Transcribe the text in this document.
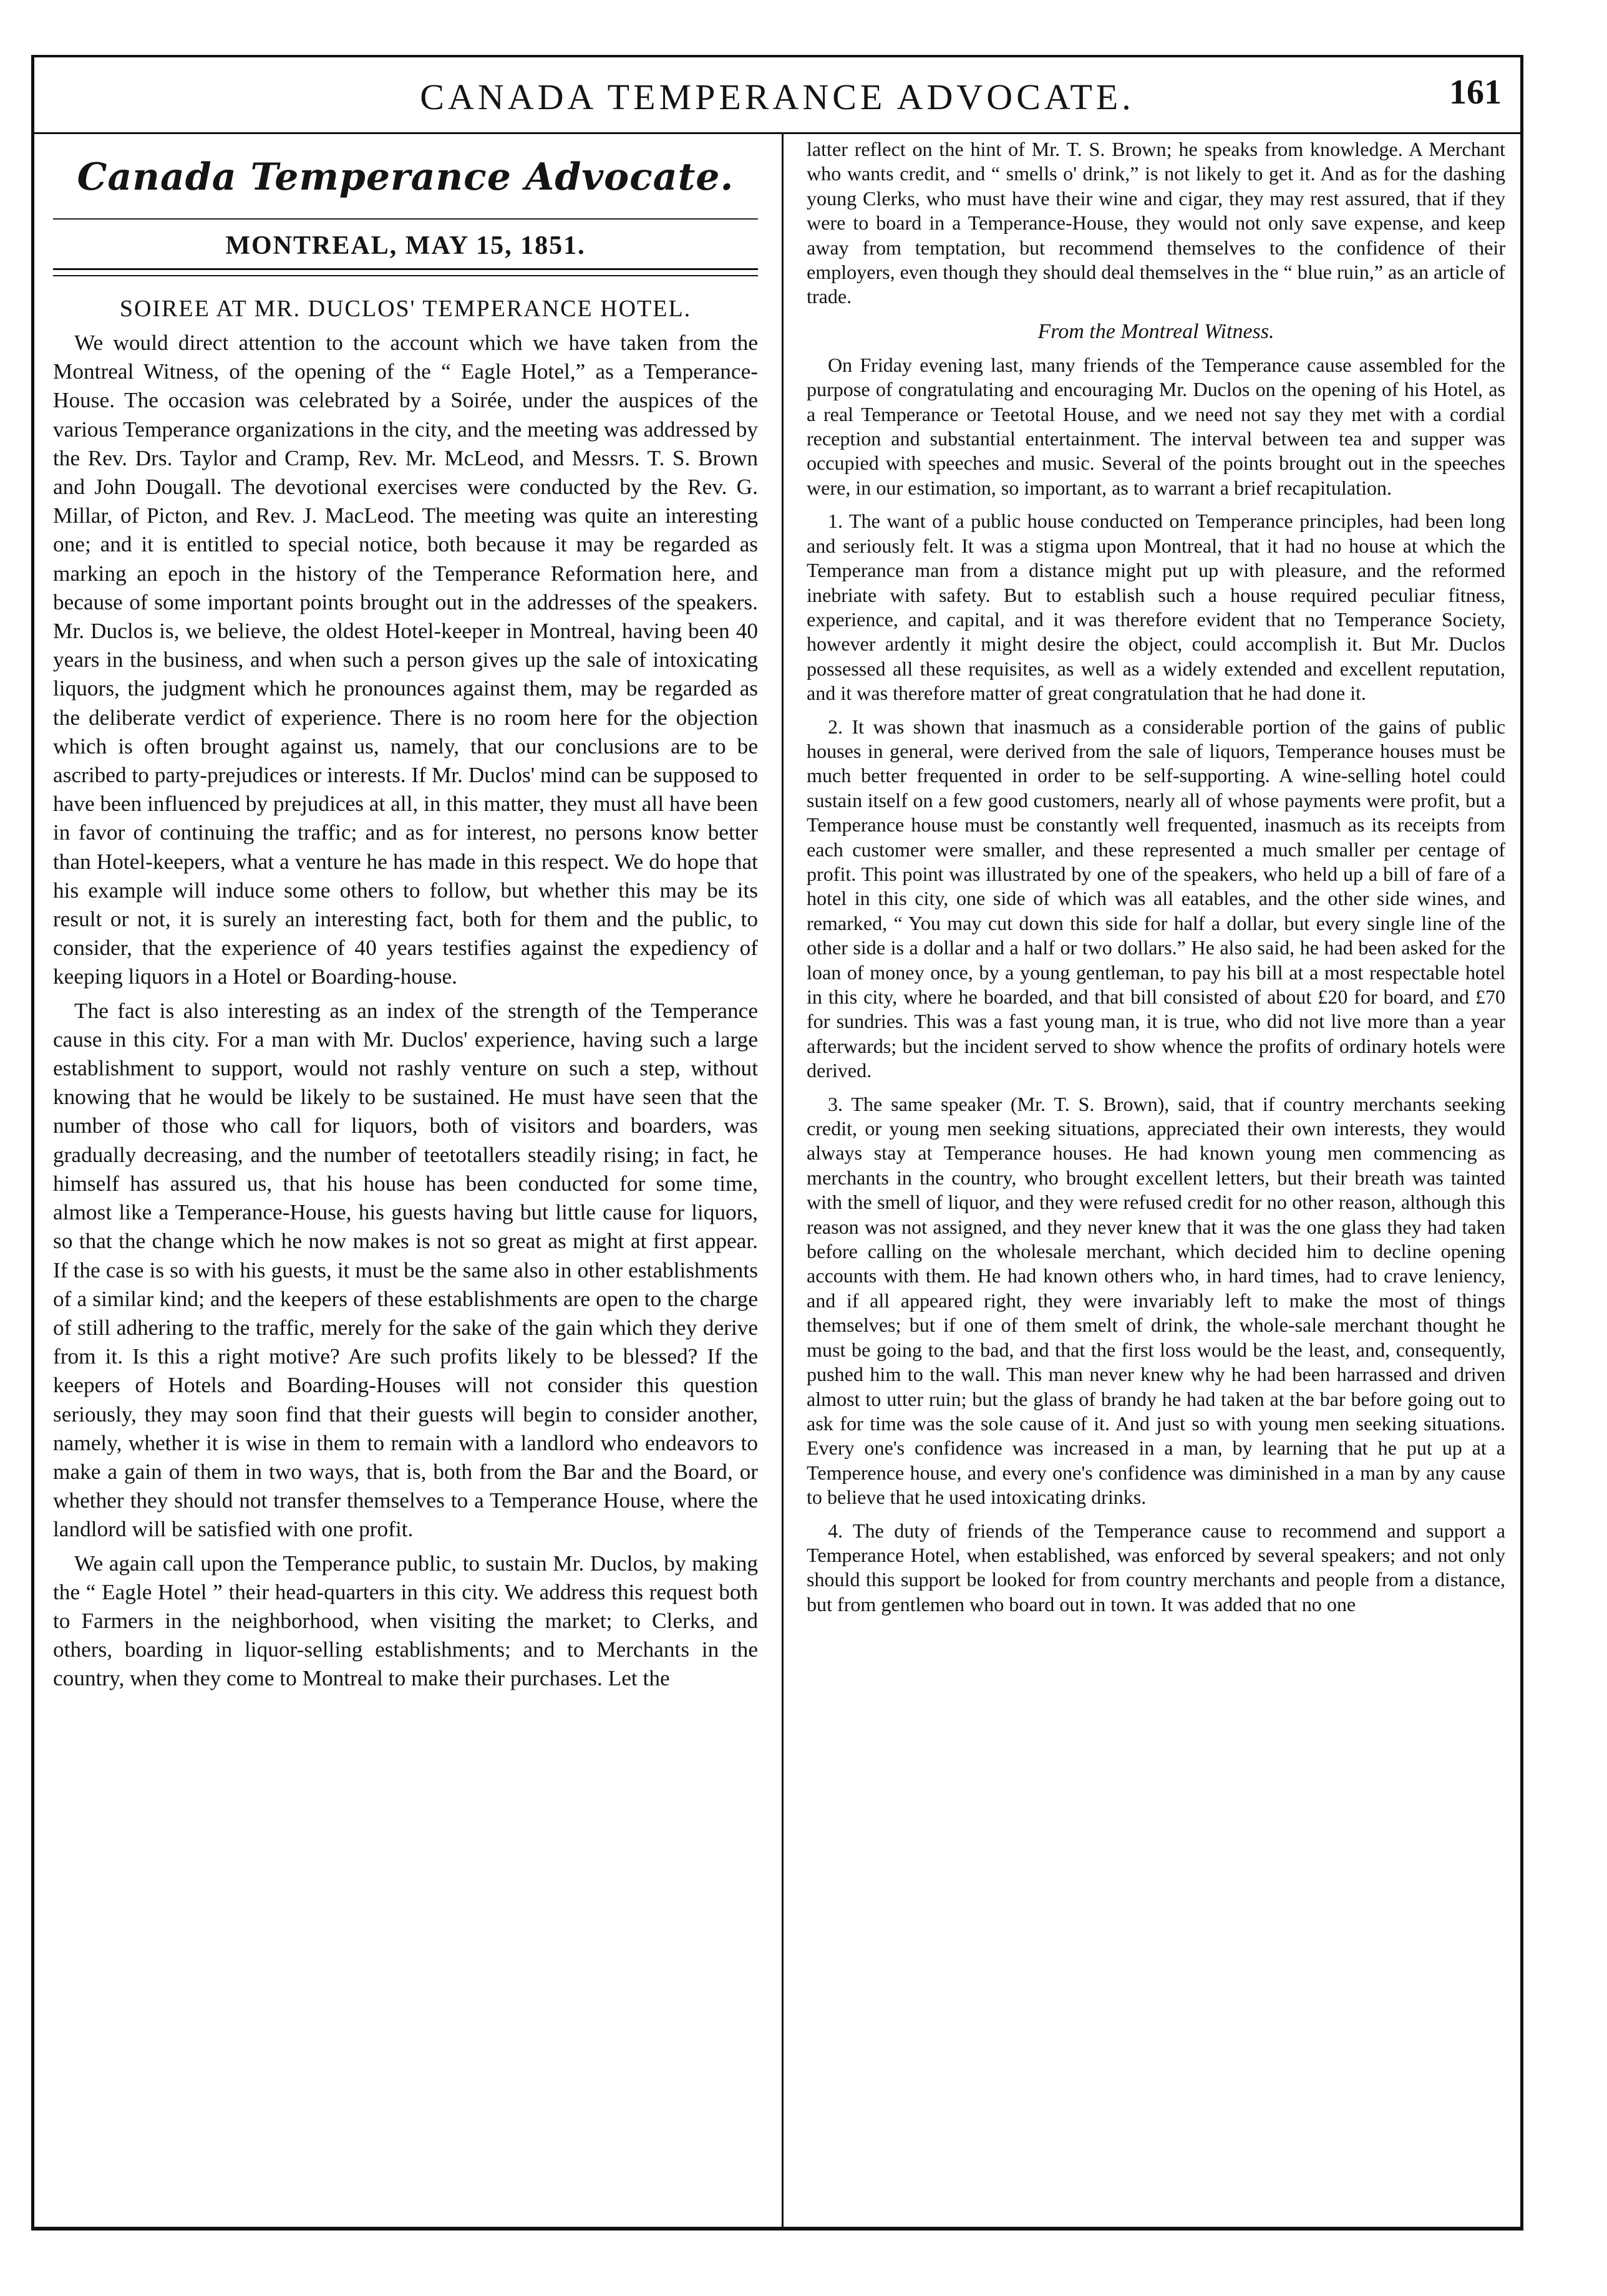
CANADA TEMPERANCE ADVOCATE.	161
Canada Temperance Advocate.
MONTREAL, MAY 15, 1851.

SOIREE AT MR. DUCLOS' TEMPERANCE HOTEL.

We would direct attention to the account which we have taken from the Montreal Witness, of the opening of the “ Eagle Hotel,” as a Temperance-House. The occasion was celebrated by a Soirée, under the auspices of the various Temperance organizations in the city, and the meeting was addressed by the Rev. Drs. Taylor and Cramp, Rev. Mr. McLeod, and Messrs. T. S. Brown and John Dougall. The devotional exercises were conducted by the Rev. G. Millar, of Picton, and Rev. J. MacLeod. The meeting was quite an interesting one; and it is entitled to special notice, both because it may be regarded as marking an epoch in the history of the Temperance Reformation here, and because of some important points brought out in the addresses of the speakers. Mr. Duclos is, we believe, the oldest Hotel-keeper in Montreal, having been 40 years in the business, and when such a person gives up the sale of intoxicating liquors, the judgment which he pronounces against them, may be regarded as the deliberate verdict of experience. There is no room here for the objection which is often brought against us, namely, that our conclusions are to be ascribed to party-prejudices or interests. If Mr. Duclos' mind can be supposed to have been influenced by prejudices at all, in this matter, they must all have been in favor of continuing the traffic; and as for interest, no persons know better than Hotel-keepers, what a venture he has made in this respect. We do hope that his example will induce some others to follow, but whether this may be its result or not, it is surely an interesting fact, both for them and the public, to consider, that the experience of 40 years testifies against the expediency of keeping liquors in a Hotel or Boarding-house.

The fact is also interesting as an index of the strength of the Temperance cause in this city. For a man with Mr. Duclos' experience, having such a large establishment to support, would not rashly venture on such a step, without knowing that he would be likely to be sustained. He must have seen that the number of those who call for liquors, both of visitors and boarders, was gradually decreasing, and the number of teetotallers steadily rising; in fact, he himself has assured us, that his house has been conducted for some time, almost like a Temperance-House, his guests having but little cause for liquors, so that the change which he now makes is not so great as might at first appear. If the case is so with his guests, it must be the same also in other establishments of a similar kind; and the keepers of these establishments are open to the charge of still adhering to the traffic, merely for the sake of the gain which they derive from it. Is this a right motive? Are such profits likely to be blessed? If the keepers of Hotels and Boarding-Houses will not consider this question seriously, they may soon find that their guests will begin to consider another, namely, whether it is wise in them to remain with a landlord who endeavors to make a gain of them in two ways, that is, both from the Bar and the Board, or whether they should not transfer themselves to a Temperance House, where the landlord will be satisfied with one profit.

We again call upon the Temperance public, to sustain Mr. Duclos, by making the “ Eagle Hotel ” their head-quarters in this city. We address this request both to Farmers in the neighborhood, when visiting the market; to Clerks, and others, boarding in liquor-selling establishments; and to Merchants in the country, when they come to Montreal to make their purchases. Let the

latter reflect on the hint of Mr. T. S. Brown; he speaks from knowledge. A Merchant who wants credit, and “ smells o' drink,” is not likely to get it. And as for the dashing young Clerks, who must have their wine and cigar, they may rest assured, that if they were to board in a Temperance-House, they would not only save expense, and keep away from temptation, but recommend themselves to the confidence of their employers, even though they should deal themselves in the “ blue ruin,” as an article of trade.

From the Montreal Witness.

On Friday evening last, many friends of the Temperance cause assembled for the purpose of congratulating and encouraging Mr. Duclos on the opening of his Hotel, as a real Temperance or Teetotal House, and we need not say they met with a cordial reception and substantial entertainment. The interval between tea and supper was occupied with speeches and music. Several of the points brought out in the speeches were, in our estimation, so important, as to warrant a brief recapitulation.

1. The want of a public house conducted on Temperance principles, had been long and seriously felt. It was a stigma upon Montreal, that it had no house at which the Temperance man from a distance might put up with pleasure, and the reformed inebriate with safety. But to establish such a house required peculiar fitness, experience, and capital, and it was therefore evident that no Temperance Society, however ardently it might desire the object, could accomplish it. But Mr. Duclos possessed all these requisites, as well as a widely extended and excellent reputation, and it was therefore matter of great congratulation that he had done it.

2. It was shown that inasmuch as a considerable portion of the gains of public houses in general, were derived from the sale of liquors, Temperance houses must be much better frequented in order to be self-supporting. A wine-selling hotel could sustain itself on a few good customers, nearly all of whose payments were profit, but a Temperance house must be constantly well frequented, inasmuch as its receipts from each customer were smaller, and these represented a much smaller per centage of profit. This point was illustrated by one of the speakers, who held up a bill of fare of a hotel in this city, one side of which was all eatables, and the other side wines, and remarked, “ You may cut down this side for half a dollar, but every single line of the other side is a dollar and a half or two dollars.” He also said, he had been asked for the loan of money once, by a young gentleman, to pay his bill at a most respectable hotel in this city, where he boarded, and that bill consisted of about £20 for board, and £70 for sundries. This was a fast young man, it is true, who did not live more than a year afterwards; but the incident served to show whence the profits of ordinary hotels were derived.

3. The same speaker (Mr. T. S. Brown), said, that if country merchants seeking credit, or young men seeking situations, appreciated their own interests, they would always stay at Temperance houses. He had known young men commencing as merchants in the country, who brought excellent letters, but their breath was tainted with the smell of liquor, and they were refused credit for no other reason, although this reason was not assigned, and they never knew that it was the one glass they had taken before calling on the wholesale merchant, which decided him to decline opening accounts with them. He had known others who, in hard times, had to crave leniency, and if all appeared right, they were invariably left to make the most of things themselves; but if one of them smelt of drink, the whole-sale merchant thought he must be going to the bad, and that the first loss would be the least, and, consequently, pushed him to the wall. This man never knew why he had been harrassed and driven almost to utter ruin; but the glass of brandy he had taken at the bar before going out to ask for time was the sole cause of it. And just so with young men seeking situations. Every one's confidence was increased in a man, by learning that he put up at a Temperence house, and every one's confidence was diminished in a man by any cause to believe that he used intoxicating drinks.

4. The duty of friends of the Temperance cause to recommend and support a Temperance Hotel, when established, was enforced by several speakers; and not only should this support be looked for from country merchants and people from a distance, but from gentlemen who board out in town. It was added that no one
